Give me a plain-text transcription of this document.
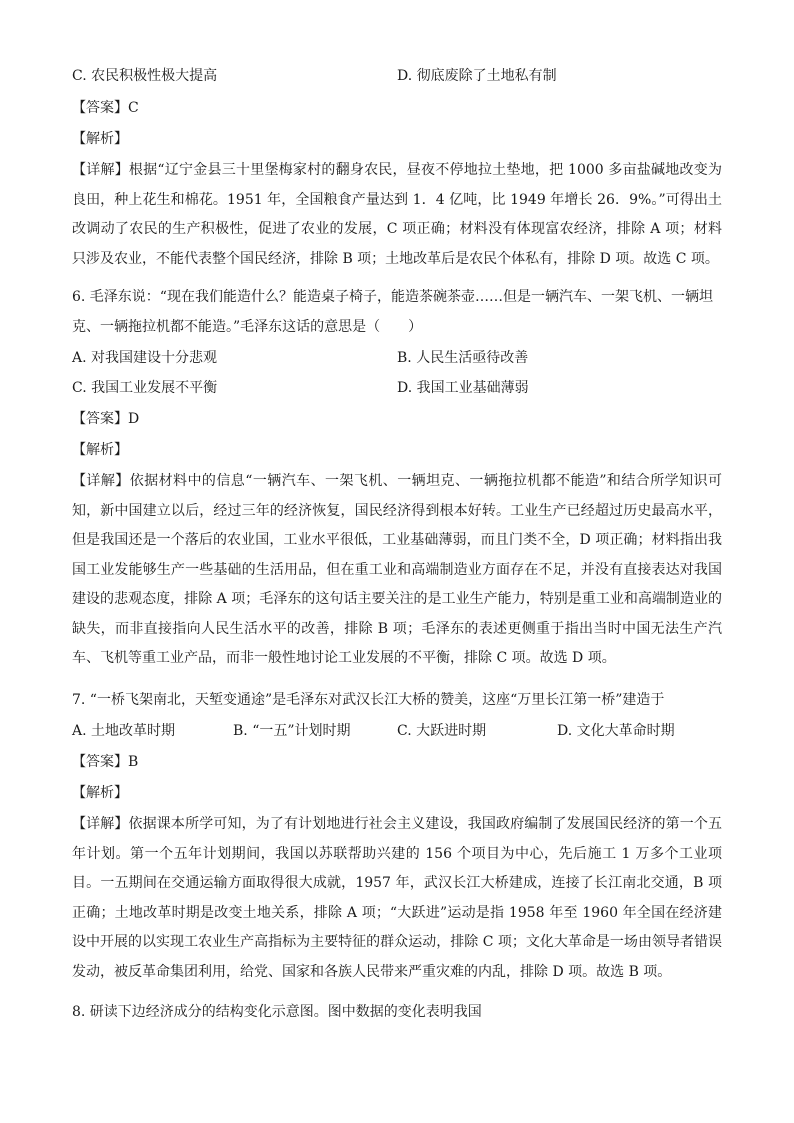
C. 农民积极性极大提高	D. 彻底废除了土地私有制
【答案】C
【解析】
【详解】根据“辽宁金县三十里堡梅家村的翻身农民，昼夜不停地拉土垫地，把 1000 多亩盐碱地改变为良田，种上花生和棉花。1951 年，全国粮食产量达到 1．4 亿吨，比 1949 年增长 26．9%。”可得出土改调动了农民的生产积极性，促进了农业的发展，C 项正确；材料没有体现富农经济，排除 A 项；材料只涉及农业，不能代表整个国民经济，排除 B 项；土地改革后是农民个体私有，排除 D 项。故选 C 项。
6. 毛泽东说：“现在我们能造什么？能造桌子椅子，能造茶碗茶壶……但是一辆汽车、一架飞机、一辆坦
克、一辆拖拉机都不能造。”毛泽东这话的意思是（　　）
A. 对我国建设十分悲观	B. 人民生活亟待改善
C. 我国工业发展不平衡	D. 我国工业基础薄弱
【答案】D
【解析】
【详解】依据材料中的信息“一辆汽车、一架飞机、一辆坦克、一辆拖拉机都不能造”和结合所学知识可知，新中国建立以后，经过三年的经济恢复，国民经济得到根本好转。工业生产已经超过历史最高水平，但是我国还是一个落后的农业国，工业水平很低，工业基础薄弱，而且门类不全，D 项正确；材料指出我国工业发能够生产一些基础的生活用品，但在重工业和高端制造业方面存在不足，并没有直接表达对我国建设的悲观态度，排除 A 项；毛泽东的这句话主要关注的是工业生产能力，特别是重工业和高端制造业的缺失，而非直接指向人民生活水平的改善，排除 B 项；毛泽东的表述更侧重于指出当时中国无法生产汽车、飞机等重工业产品，而非一般性地讨论工业发展的不平衡，排除 C 项。故选 D 项。
7. “一桥飞架南北，天堑变通途”是毛泽东对武汉长江大桥的赞美，这座“万里长江第一桥”建造于
A. 土地改革时期	B. “一五”计划时期	C. 大跃进时期	D. 文化大革命时期
【答案】B
【解析】
【详解】依据课本所学可知，为了有计划地进行社会主义建设，我国政府编制了发展国民经济的第一个五年计划。第一个五年计划期间，我国以苏联帮助兴建的 156 个项目为中心，先后施工 1 万多个工业项目。一五期间在交通运输方面取得很大成就，1957 年，武汉长江大桥建成，连接了长江南北交通，B 项正确；土地改革时期是改变土地关系，排除 A 项；“大跃进”运动是指 1958 年至 1960 年全国在经济建设中开展的以实现工农业生产高指标为主要特征的群众运动，排除 C 项；文化大革命是一场由领导者错误发动，被反革命集团利用，给党、国家和各族人民带来严重灾难的内乱，排除 D 项。故选 B 项。
8. 研读下边经济成分的结构变化示意图。图中数据的变化表明我国
